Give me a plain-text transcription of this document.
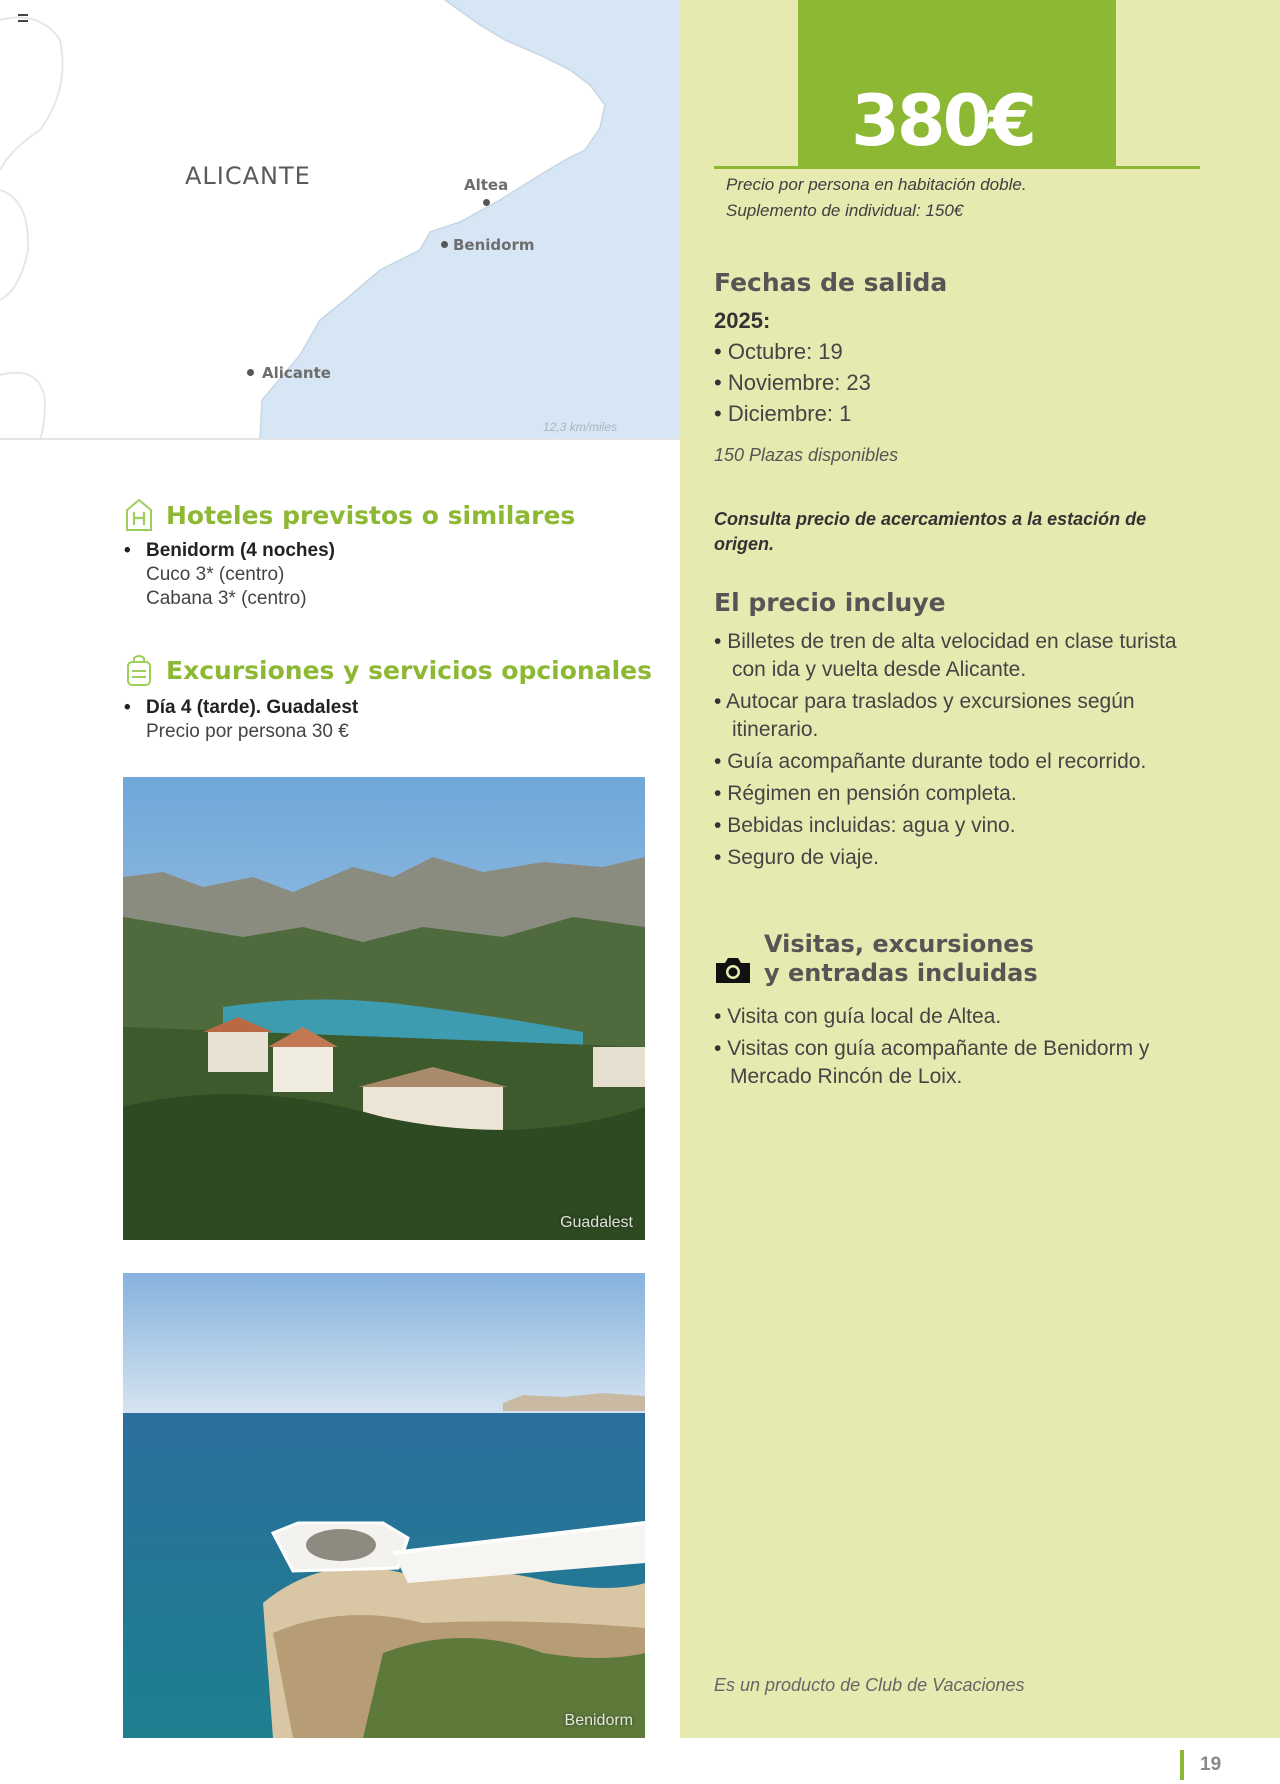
ALICANTE	Altea
Benidorm
Alicante
12,3 km/miles
380€
Precio por persona en habitación doble.
Suplemento de individual: 150€
Fechas de salida
2025:
• Octubre: 19
• Noviembre: 23
• Diciembre: 1
150 Plazas disponibles
Consulta precio de acercamientos a la estación de origen.
El precio incluye
• Billetes de tren de alta velocidad en clase turista con ida y vuelta desde Alicante.
• Autocar para traslados y excursiones según itinerario.
• Guía acompañante durante todo el recorrido.
• Régimen en pensión completa.
• Bebidas incluidas: agua y vino.
• Seguro de viaje.
Visitas, excursiones
y entradas incluidas
• Visita con guía local de Altea.
• Visitas con guía acompañante de Benidorm y Mercado Rincón de Loix.
Es un producto de Club de Vacaciones
Hoteles previstos o similares
• Benidorm (4 noches)
Cuco 3* (centro)
Cabana 3* (centro)
Excursiones y servicios opcionales
• Día 4 (tarde). Guadalest
Precio por persona 30 €
Guadalest
Benidorm
19
